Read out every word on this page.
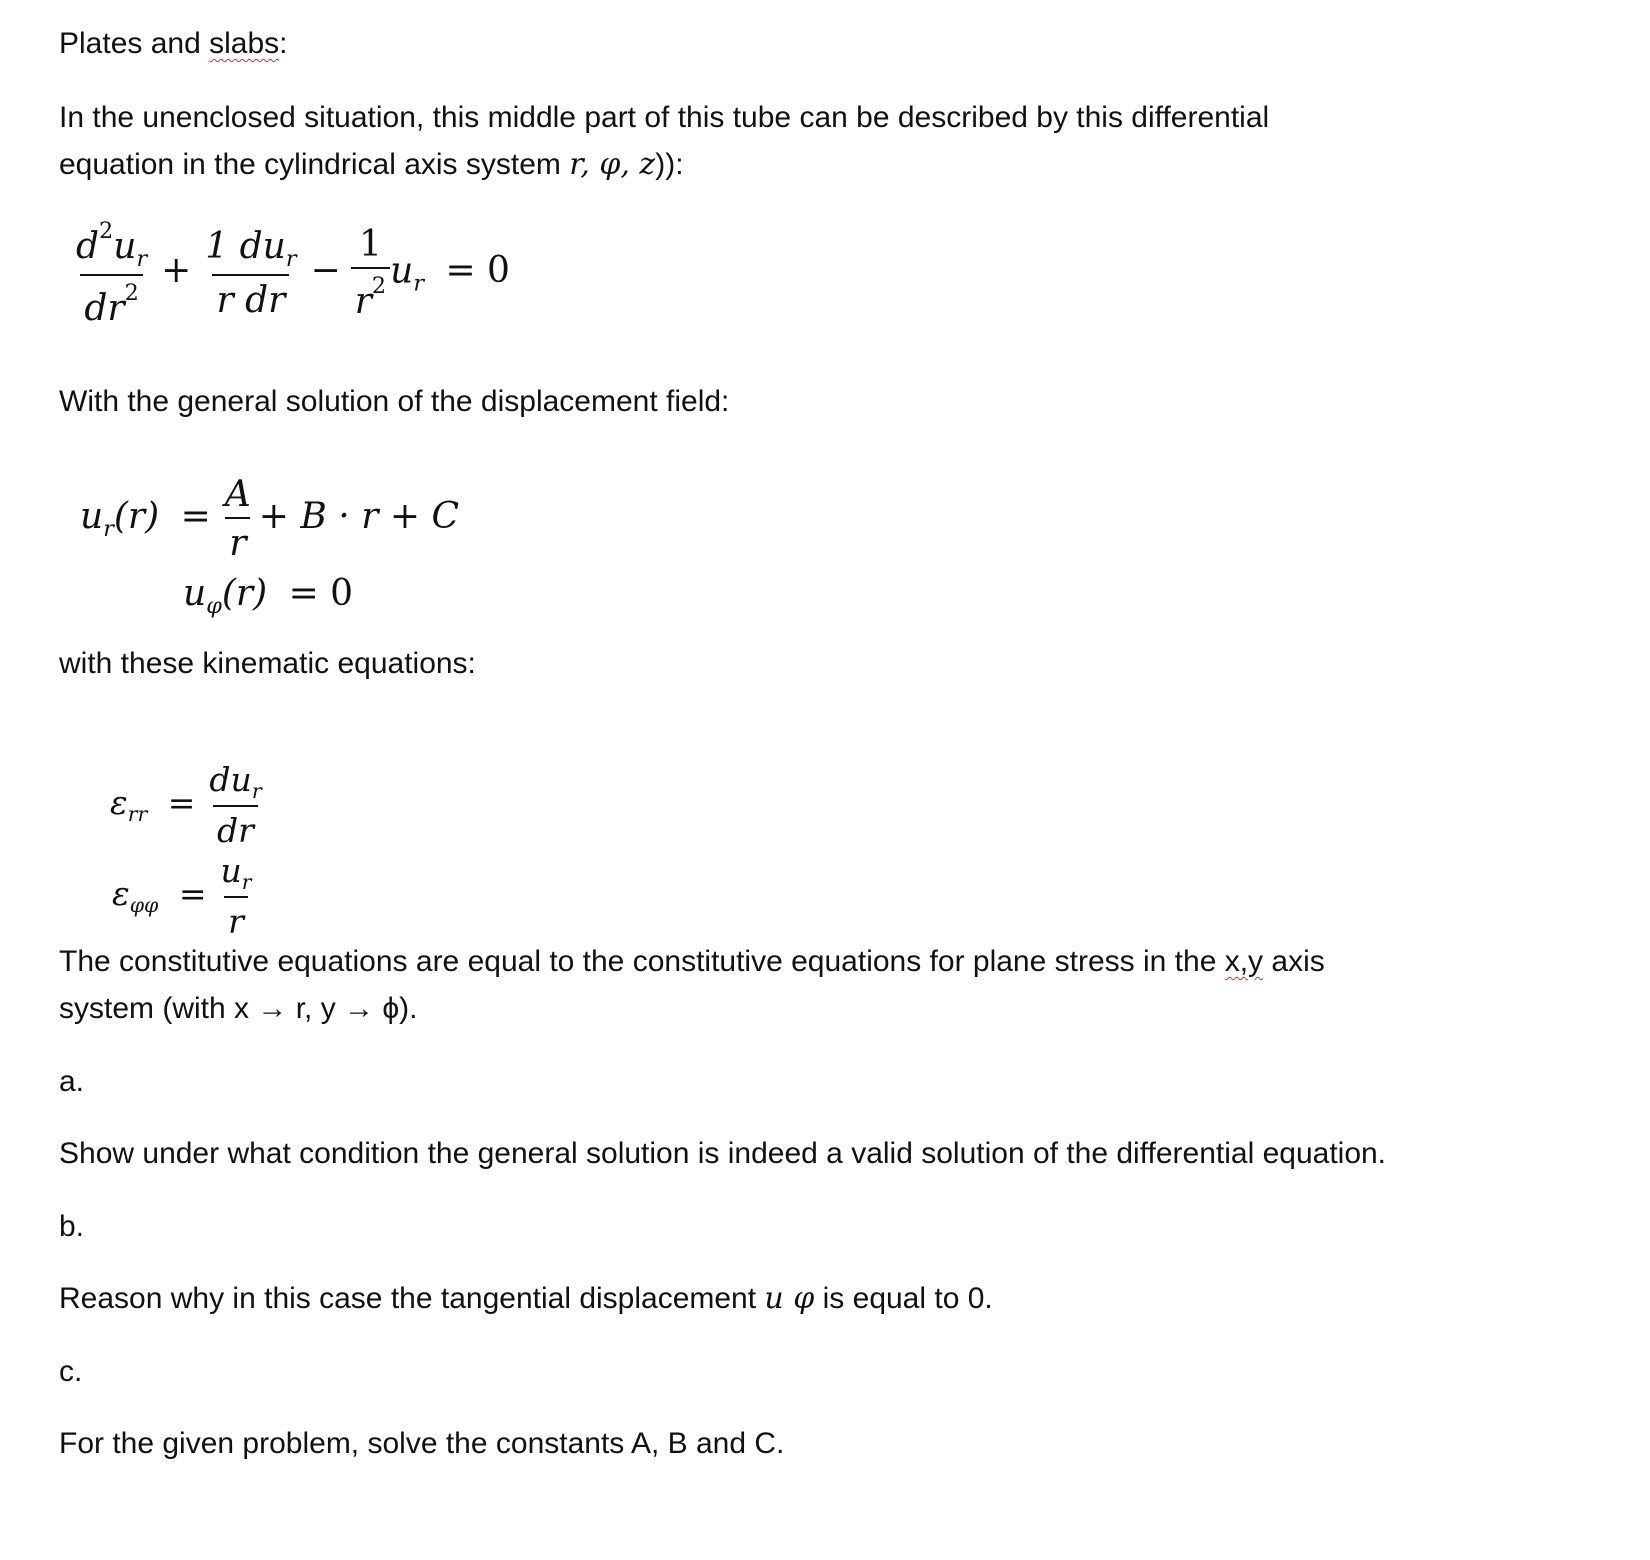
Plates and slabs:
In the unenclosed situation, this middle part of this tube can be described by this differential
equation in the cylindrical axis system r, φ, z)):
$\frac{d^2u_r}{dr^2} + \frac{1 du_r}{\text{r dr}} - \frac{1}{r^2} u_r = 0$
With the general solution of the displacement field:
$u_r(r) = \frac{A}{r} + B \cdot r + C$
$u_\varphi(r) = 0$
with these kinematic equations:
$\varepsilon_{rr} = \frac{du_r}{dr}$
$\varepsilon_{\varphi\varphi} = \frac{u_r}{r}$
The constitutive equations are equal to the constitutive equations for plane stress in the x,y axis
system (with x → r, y → ϕ).
a.
Show under what condition the general solution is indeed a valid solution of the differential equation.
b.
Reason why in this case the tangential displacement u φ is equal to 0.
c.
For the given problem, solve the constants A, B and C.
